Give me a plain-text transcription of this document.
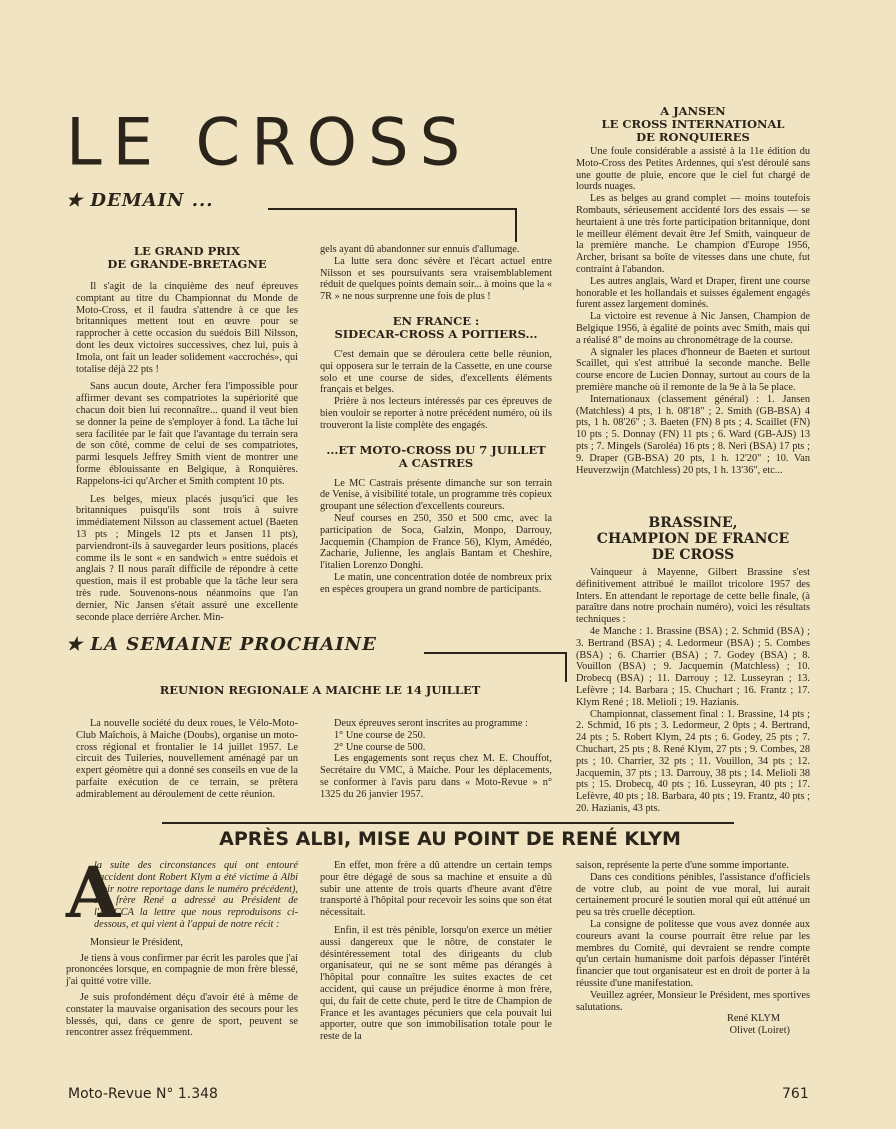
LE CROSS
★ DEMAIN ...
LE GRAND PRIX
DE GRANDE-BRETAGNE

Il s'agit de la cinquième des neuf épreuves comptant au titre du Championnat du Monde de Moto-Cross, et il faudra s'attendre à ce que les britanniques mettent tout en œuvre pour se rapprocher à cette occasion du suédois Bill Nilsson, dont les deux victoires successives, chez lui, puis à Imola, ont fait un leader solidement «accrochés», qui totalise déjà 22 pts !

Sans aucun doute, Archer fera l'impossible pour affirmer devant ses compatriotes la supériorité que chacun doit bien lui reconnaître... quand il veut bien se donner la peine de s'employer à fond. La tâche lui sera facilitée par le fait que l'avantage du terrain sera de son côté, comme de celui de ses compatriotes, parmi lesquels Jeffrey Smith vient de montrer une forme éblouissante en Belgique, à Ronquières. Rappelons-ici qu'Archer et Smith comptent 10 pts.

Les belges, mieux placés jusqu'ici que les britanniques puisqu'ils sont trois à suivre immédiatement Nilsson au classement actuel (Baeten 13 pts ; Mingels 12 pts et Jansen 11 pts), parviendront-ils à sauvegarder leurs positions, placés comme ils le sont « en sandwich » entre suédois et anglais ? Il nous paraît difficile de répondre à cette question, mais il est probable que la tâche leur sera très rude. Souvenons-nous néanmoins que l'an dernier, Nic Jansen s'était assuré une excellente seconde place derrière Archer. Min-

gels ayant dû abandonner sur ennuis d'allumage.

La lutte sera donc sévère et l'écart actuel entre Nilsson et ses poursuivants sera vraisemblablement réduit de quelques points demain soir... à moins que la « 7R » ne nous surprenne une fois de plus !

EN FRANCE :
SIDECAR-CROSS A POITIERS...

C'est demain que se déroulera cette belle réunion, qui opposera sur le terrain de la Cassette, en une course solo et une course de sides, d'excellents éléments français et belges.

Prière à nos lecteurs intéressés par ces épreuves de bien vouloir se reporter à notre précédent numéro, où ils trouveront la liste complète des engagés.

...ET MOTO-CROSS DU 7 JUILLET
A CASTRES

Le MC Castrais présente dimanche sur son terrain de Venise, à visibilité totale, un programme très copieux groupant une sélection d'excellents coureurs.

Neuf courses en 250, 350 et 500 cmc, avec la participation de Soca, Galzin, Monpo, Darrouy, Jacquemin (Champion de France 56), Klym, Amédéo, Zacharie, Julienne, les anglais Bantam et Cheshire, l'italien Lorenzo Donghi.

Le matin, une concentration dotée de nombreux prix en espèces groupera un grand nombre de participants.

A JANSEN
LE CROSS INTERNATIONAL
DE RONQUIERES

Une foule considérable a assisté à la 11e édition du Moto-Cross des Petites Ardennes, qui s'est déroulé sans une goutte de pluie, encore que le ciel fut chargé de lourds nuages.

Les as belges au grand complet — moins toutefois Rombauts, sérieusement accidenté lors des essais — se heurtaient à une très forte participation britannique, dont le meilleur élément devait être Jef Smith, vainqueur de la première manche. Le champion d'Europe 1956, Archer, brisant sa boîte de vitesses dans une chute, fut contraint à l'abandon.

Les autres anglais, Ward et Draper, firent une course honorable et les hollandais et suisses également engagés furent assez largement dominés.

La victoire est revenue à Nic Jansen, Champion de Belgique 1956, à égalité de points avec Smith, mais qui a réalisé 8" de moins au chronométrage de la course.

A signaler les places d'honneur de Baeten et surtout Scaillet, qui s'est attribué la seconde manche. Belle course encore de Lucien Donnay, surtout au cours de la première manche où il remonte de la 9e à la 5e place.

Internationaux (classement général) : 1. Jansen (Matchless) 4 pts, 1 h. 08'18" ; 2. Smith (GB-BSA) 4 pts, 1 h. 08'26" ; 3. Baeten (FN) 8 pts ; 4. Scaillet (FN) 10 pts ; 5. Donnay (FN) 11 pts ; 6. Ward (GB-AJS) 13 pts ; 7. Mingels (Saroléa) 16 pts ; 8. Neri (BSA) 17 pts ; 9. Draper (GB-BSA) 20 pts, 1 h. 12'20" ; 10. Van Heuverzwijn (Matchless) 20 pts, 1 h. 13'36", etc...

BRASSINE,
CHAMPION DE FRANCE
DE CROSS

Vainqueur à Mayenne, Gilbert Brassine s'est définitivement attribué le maillot tricolore 1957 des Inters. En attendant le reportage de cette belle finale, (à paraître dans notre prochain numéro), voici les résultats techniques :

4e Manche : 1. Brassine (BSA) ; 2. Schmid (BSA) ; 3. Bertrand (BSA) ; 4. Ledormeur (BSA) ; 5. Combes (BSA) ; 6. Charrier (BSA) ; 7. Godey (BSA) ; 8. Vouillon (BSA) ; 9. Jacquemin (Matchless) ; 10. Drobecq (BSA) ; 11. Darrouy ; 12. Lusseyran ; 13. Lefèvre ; 14. Barbara ; 15. Chuchart ; 16. Frantz ; 17. Klym René ; 18. Melioli ; 19. Hazianis.

Championnat, classement final : 1. Brassine, 14 pts ; 2. Schmid, 16 pts ; 3. Ledormeur, 2 0pts ; 4. Bertrand, 24 pts ; 5. Robert Klym, 24 pts ; 6. Godey, 25 pts ; 7. Chuchart, 25 pts ; 8. René Klym, 27 pts ; 9. Combes, 28 pts ; 10. Charrier, 32 pts ; 11. Vouillon, 34 pts ; 12. Jacquemin, 37 pts ; 13. Darrouy, 38 pts ; 14. Melioli 38 pts ; 15. Drobecq, 40 pts ; 16. Lusseyran, 40 pts ; 17. Lefèvre, 40 pts ; 18. Barbara, 40 pts ; 19. Frantz, 40 pts ; 20. Hazianis, 43 pts.

★ LA SEMAINE PROCHAINE
REUNION REGIONALE A MAICHE LE 14 JUILLET

La nouvelle société du deux roues, le Vélo-Moto-Club Maîchois, à Maiche (Doubs), organise un moto-cross régional et frontalier le 14 juillet 1957. Le circuit des Tuileries, nouvellement aménagé par un expert géomètre qui a donné ses conseils en vue de la parfaite exécution de ce terrain, se prêtera admirablement au déroulement de cette réunion.

Deux épreuves seront inscrites au programme :

1° Une course de 250.

2° Une course de 500.

Les engagements sont reçus chez M. E. Chouffot, Secrétaire du VMC, à Maiche. Pour les déplacements, se conformer à l'avis paru dans « Moto-Revue » n° 1325 du 26 janvier 1957.

APRÈS ALBI, MISE AU POINT DE RENÉ KLYM
A

la suite des circonstances qui ont entouré l'accident dont Robert Klym a été victime à Albi (voir notre reportage dans le numéro précédent), son frère René a adressé au Président de l'AMCCA la lettre que nous reproduisons ci-dessous, et qui vient à l'appui de notre récit :

Monsieur le Président,

Je tiens à vous confirmer par écrit les paroles que j'ai prononcées lorsque, en compagnie de mon frère blessé, j'ai quitté votre ville.

Je suis profondément déçu d'avoir été à même de constater la mauvaise organisation des secours pour les blessés, qui, dans ce genre de sport, peuvent se rencontrer assez fréquemment.

En effet, mon frère a dû attendre un certain temps pour être dégagé de sous sa machine et ensuite a dû subir une attente de trois quarts d'heure avant d'être transporté à l'hôpital pour recevoir les soins que son état nécessitait.

Enfin, il est très pénible, lorsqu'on exerce un métier aussi dangereux que le nôtre, de constater le désintéressement total des dirigeants du club organisateur, qui ne se sont même pas dérangés à l'hôpital pour connaître les suites exactes de cet accident, qui cause un préjudice énorme à mon frère, qui, du fait de cette chute, perd le titre de Champion de France et les avantages pécuniers que cela pouvait lui apporter, outre que son immobilisation totale pour le reste de la

saison, représente la perte d'une somme importante.

Dans ces conditions pénibles, l'assistance d'officiels de votre club, au point de vue moral, lui aurait certainement procuré le soutien moral qui eût atténué un peu sa très cruelle déception.

La consigne de politesse que vous avez donnée aux coureurs avant la course pourrait être relue par les membres du Comité, qui devraient se rendre compte qu'un certain humanisme doit parfois dépasser l'intérêt financier que tout organisateur est en droit de porter à la réussite d'une manifestation.

Veuillez agréer, Monsieur le Président, mes sportives salutations.

René KLYM

Olivet (Loiret)

Moto-Revue N° 1.348	761
